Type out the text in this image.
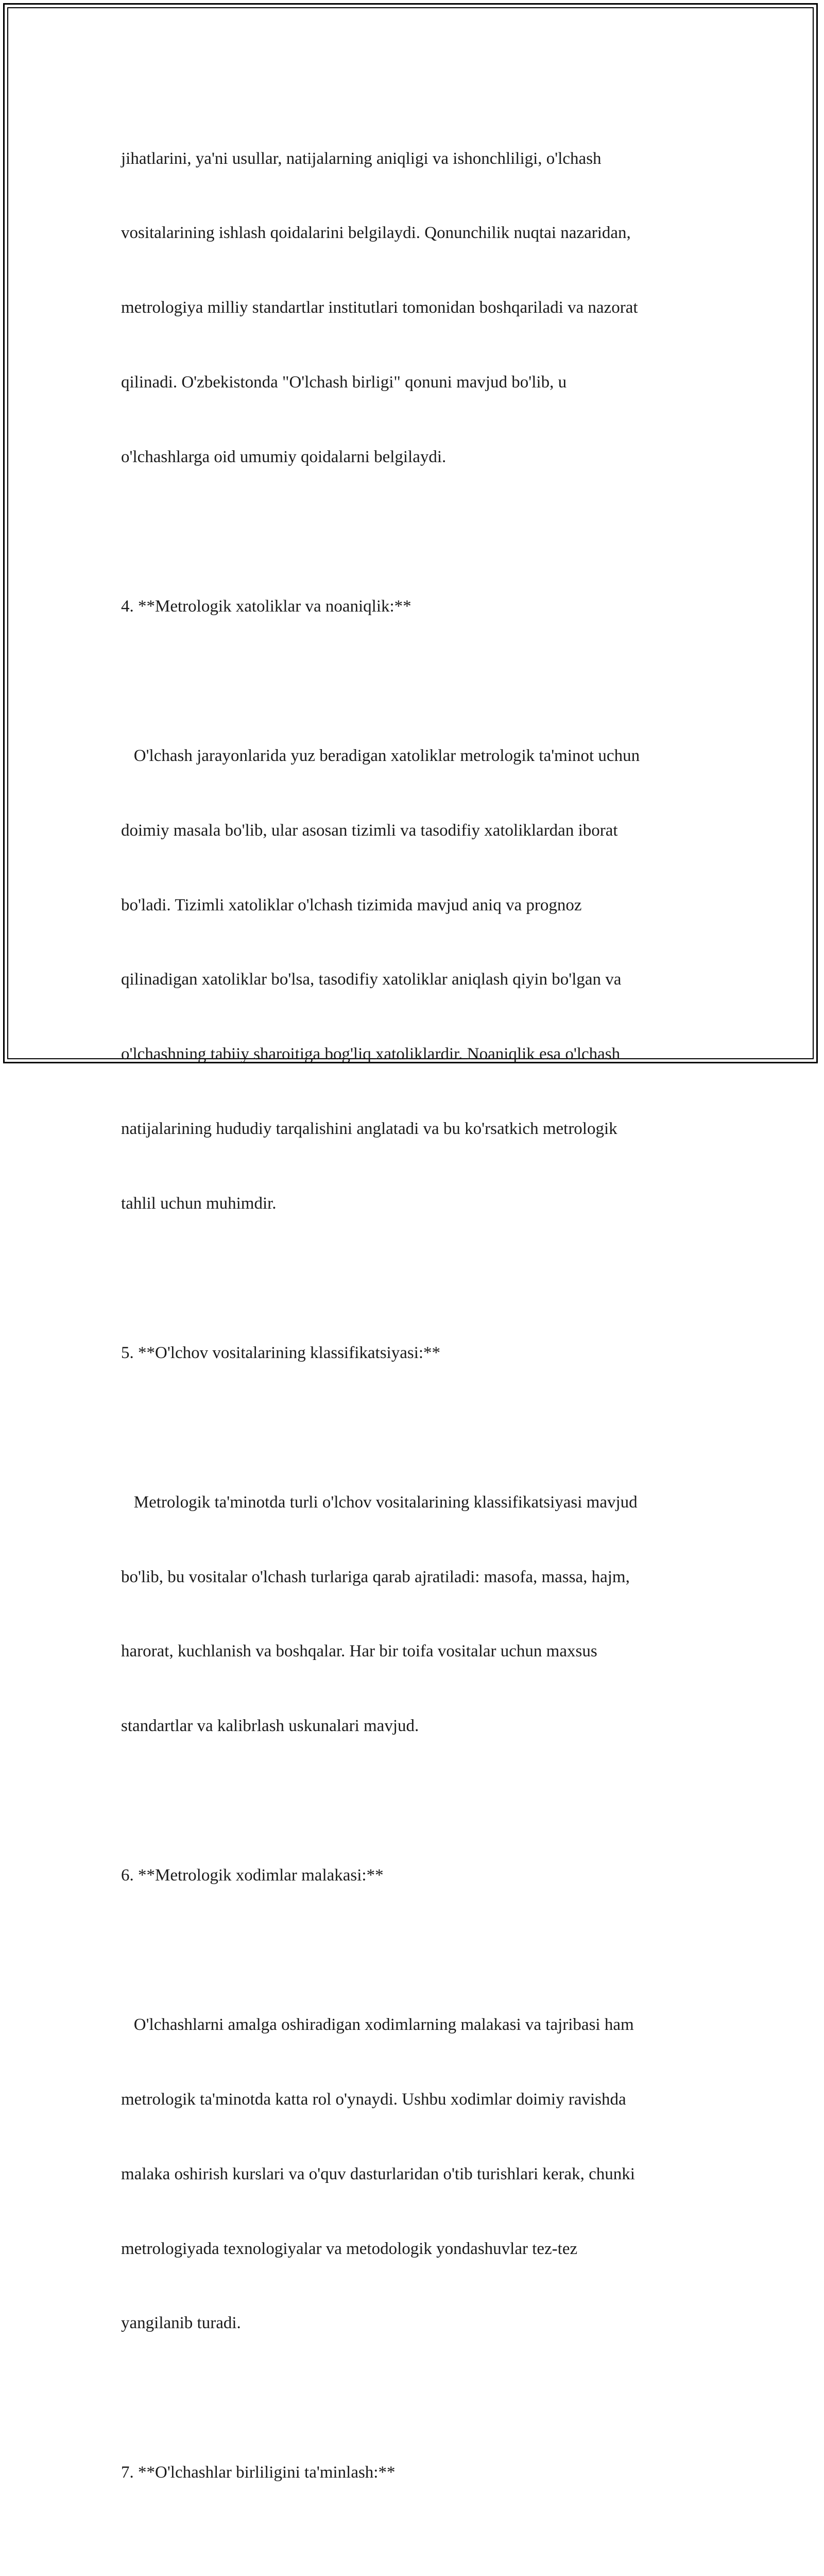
jihatlarini, ya'ni usullar, natijalarning aniqligi va ishonchliligi, o'lchash

vositalarining ishlash qoidalarini belgilaydi. Qonunchilik nuqtai nazaridan,

metrologiya milliy standartlar institutlari tomonidan boshqariladi va nazorat

qilinadi. O'zbekistonda "O'lchash birligi" qonuni mavjud bo'lib, u

o'lchashlarga oid umumiy qoidalarni belgilaydi.

4. **Metrologik xatoliklar va noaniqlik:**

O'lchash jarayonlarida yuz beradigan xatoliklar metrologik ta'minot uchun

doimiy masala bo'lib, ular asosan tizimli va tasodifiy xatoliklardan iborat

bo'ladi. Tizimli xatoliklar o'lchash tizimida mavjud aniq va prognoz

qilinadigan xatoliklar bo'lsa, tasodifiy xatoliklar aniqlash qiyin bo'lgan va

o'lchashning tabiiy sharoitiga bog'liq xatoliklardir. Noaniqlik esa o'lchash

natijalarining hududiy tarqalishini anglatadi va bu ko'rsatkich metrologik

tahlil uchun muhimdir.

5. **O'lchov vositalarining klassifikatsiyasi:**

Metrologik ta'minotda turli o'lchov vositalarining klassifikatsiyasi mavjud

bo'lib, bu vositalar o'lchash turlariga qarab ajratiladi: masofa, massa, hajm,

harorat, kuchlanish va boshqalar. Har bir toifa vositalar uchun maxsus

standartlar va kalibrlash uskunalari mavjud.

6. **Metrologik xodimlar malakasi:**

O'lchashlarni amalga oshiradigan xodimlarning malakasi va tajribasi ham

metrologik ta'minotda katta rol o'ynaydi. Ushbu xodimlar doimiy ravishda

malaka oshirish kurslari va o'quv dasturlaridan o'tib turishlari kerak, chunki

metrologiyada texnologiyalar va metodologik yondashuvlar tez-tez

yangilanib turadi.

7. **O'lchashlar birliligini ta'minlash:**
